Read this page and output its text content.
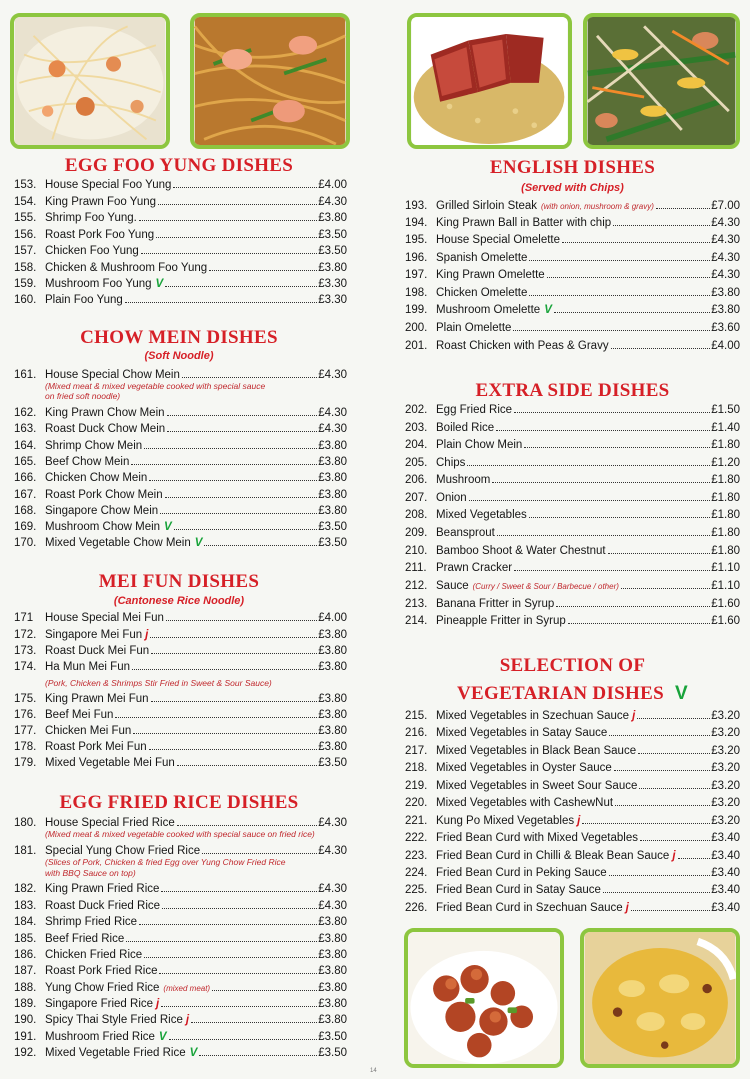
EGG FOO YUNG DISHES
153. House Special Foo Yung	£4.00
154. King Prawn Foo Yung	£4.30
155. Shrimp Foo Yung.	£3.80
156. Roast Pork Foo Yung	£3.50
157. Chicken Foo Yung	£3.50
158. Chicken & Mushroom Foo Yung	£3.80
159. Mushroom Foo Yung V	£3.30
160. Plain Foo Yung	£3.30
CHOW MEIN DISHES
(Soft Noodle)
161. House Special Chow Mein	£4.30
162. King Prawn Chow Mein	£4.30
163. Roast Duck Chow Mein	£4.30
164. Shrimp Chow Mein	£3.80
165. Beef Chow Mein	£3.80
166. Chicken Chow Mein	£3.80
167. Roast Pork Chow Mein	£3.80
168. Singapore Chow Mein	£3.80
169. Mushroom Chow Mein V	£3.50
170. Mixed Vegetable Chow Mein V	£3.50
(Mixed meat & mixed vegetable cooked with special sauce
on fried soft noodle)
MEI FUN DISHES
(Cantonese Rice Noodle)
171	House Special Mei Fun	£4.00
172. Singapore Mei Fun j	£3.80
173. Roast Duck Mei Fun	£3.80
174. Ha Mun Mei Fun	£3.80
175. King Prawn Mei Fun	£3.80
176. Beef Mei Fun	£3.80
177. Chicken Mei Fun	£3.80
178. Roast Pork Mei Fun	£3.80
179. Mixed Vegetable Mei Fun	£3.50
(Pork, Chicken & Shrimps Stir Fried in Sweet & Sour Sauce)
EGG FRIED RICE DISHES
180. House Special Fried Rice	£4.30
181. Special Yung Chow Fried Rice	£4.30
182. King Prawn Fried Rice	£4.30
183. Roast Duck Fried Rice	£4.30
184. Shrimp Fried Rice	£3.80
185. Beef Fried Rice	£3.80
186. Chicken Fried Rice	£3.80
187. Roast Pork Fried Rice	£3.80
188. Yung Chow Fried Rice (mixed meat)	£3.80
189. Singapore Fried Rice j	£3.80
190. Spicy Thai Style Fried Rice j	£3.80
191. Mushroom Fried Rice V	£3.50
192. Mixed Vegetable Fried Rice V	£3.50
(Mixed meat & mixed vegetable cooked with special sauce on fried rice)
(Slices of Pork, Chicken & fried Egg over Yung Chow Fried Rice
with BBQ Sauce on top)
ENGLISH DISHES
(Served with Chips)
193. Grilled Sirloin Steak (with onion, mushroom & gravy)	£7.00
194. King Prawn Ball in Batter with chip	£4.30
195. House Special Omelette	£4.30
196. Spanish Omelette	£4.30
197. King Prawn Omelette	£4.30
198. Chicken Omelette	£3.80
199. Mushroom Omelette V	£3.80
200. Plain Omelette	£3.60
201. Roast Chicken with Peas & Gravy	£4.00
EXTRA SIDE DISHES
202. Egg Fried Rice	£1.50
203. Boiled Rice	£1.40
204. Plain Chow Mein	£1.80
205. Chips	£1.20
206. Mushroom	£1.80
207. Onion	£1.80
208. Mixed Vegetables	£1.80
209. Beansprout	£1.80
210. Bamboo Shoot & Water Chestnut	£1.80
211. Prawn Cracker	£1.10
212. Sauce (Curry / Sweet & Sour / Barbecue / other)	£1.10
213. Banana Fritter in Syrup	£1.60
214. Pineapple Fritter in Syrup	£1.60
SELECTION OF
VEGETARIAN DISHES V
215. Mixed Vegetables in Szechuan Sauce j	£3.20
216. Mixed Vegetables in Satay Sauce	£3.20
217. Mixed Vegetables in Black Bean Sauce	£3.20
218. Mixed Vegetables in Oyster Sauce	£3.20
219. Mixed Vegetables in Sweet Sour Sauce	£3.20
220. Mixed Vegetables with CashewNut	£3.20
221. Kung Po Mixed Vegetables j	£3.20
222. Fried Bean Curd with Mixed Vegetables	£3.40
223. Fried Bean Curd in Chilli & Bleak Bean Sauce j	£3.40
224. Fried Bean Curd in Peking Sauce	£3.40
225. Fried Bean Curd in Satay Sauce	£3.40
226. Fried Bean Curd in Szechuan Sauce j	£3.40
14
